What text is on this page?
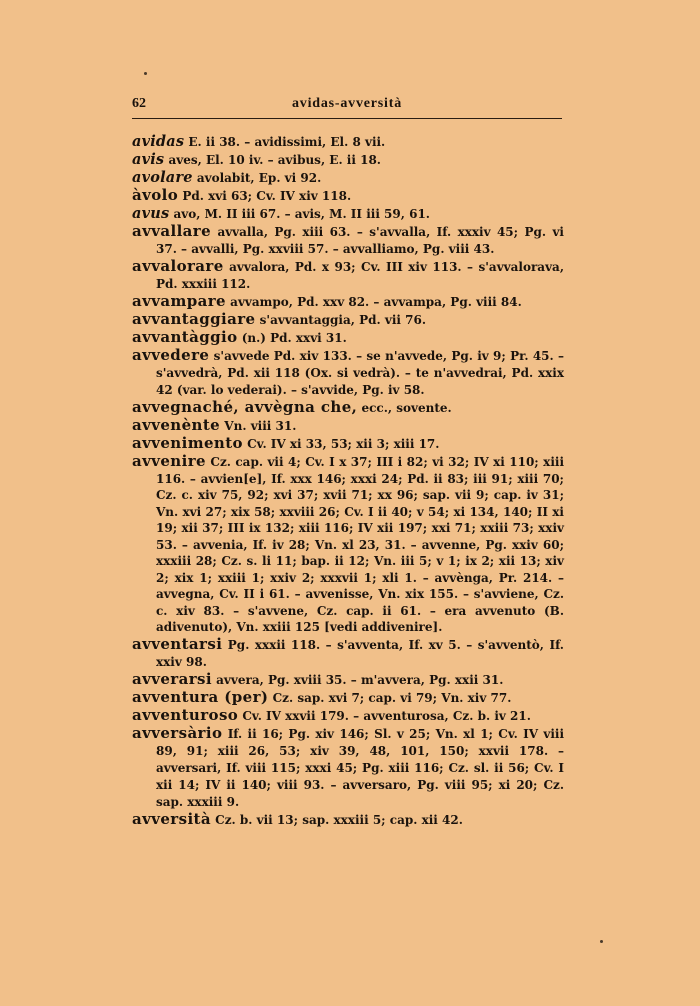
62	avidas-avversità

avidas E. ii 38. – avidissimi, El. 8 vii.

avis aves, El. 10 iv. – avibus, E. ii 18.

avolare avolabit, Ep. vi 92.

àvolo Pd. xvi 63; Cv. IV xiv 118.

avus avo, M. II iii 67. – avis, M. II iii 59, 61.

avvallare avvalla, Pg. xiii 63. – s'avvalla, If. xxxiv 45; Pg. vi 37. – avvalli, Pg. xxviii 57. – avvalliamo, Pg. viii 43.

avvalorare avvalora, Pd. x 93; Cv. III xiv 113. – s'avvalorava, Pd. xxxiii 112.

avvampare avvampo, Pd. xxv 82. – avvampa, Pg. viii 84.

avvantaggiare s'avvantaggia, Pd. vii 76.

avvantàggio (n.) Pd. xxvi 31.

avvedere s'avvede Pd. xiv 133. – se n'avvede, Pg. iv 9; Pr. 45. – s'avvedrà, Pd. xii 118 (Ox. si vedrà). – te n'avvedrai, Pd. xxix 42 (var. lo vederai). – s'avvide, Pg. iv 58.

avvegnaché, avvègna che, ecc., sovente.

avvenènte Vn. viii 31.

avvenimento Cv. IV xi 33, 53; xii 3; xiii 17.

avvenire Cz. cap. vii 4; Cv. I x 37; III i 82; vi 32; IV xi 110; xiii 116. – avvien[e], If. xxx 146; xxxi 24; Pd. ii 83; iii 91; xiii 70; Cz. c. xiv 75, 92; xvi 37; xvii 71; xx 96; sap. vii 9; cap. iv 31; Vn. xvi 27; xix 58; xxviii 26; Cv. I ii 40; v 54; xi 134, 140; II xi 19; xii 37; III ix 132; xiii 116; IV xii 197; xxi 71; xxiii 73; xxiv 53. – avvenia, If. iv 28; Vn. xl 23, 31. – avvenne, Pg. xxiv 60; xxxiii 28; Cz. s. li 11; bap. ii 12; Vn. iii 5; v 1; ix 2; xii 13; xiv 2; xix 1; xxiii 1; xxiv 2; xxxvii 1; xli 1. – avvènga, Pr. 214. – avvegna, Cv. II i 61. – avvenisse, Vn. xix 155. – s'avviene, Cz. c. xiv 83. – s'avvene, Cz. cap. ii 61. – era avvenuto (B. adivenuto), Vn. xxiii 125 [vedi addivenire].

avventarsi Pg. xxxii 118. – s'avventa, If. xv 5. – s'avventò, If. xxiv 98.

avverarsi avvera, Pg. xviii 35. – m'avvera, Pg. xxii 31.

avventura (per) Cz. sap. xvi 7; cap. vi 79; Vn. xiv 77.

avventuroso Cv. IV xxvii 179. – avventurosa, Cz. b. iv 21.

avversàrio If. ii 16; Pg. xiv 146; Sl. v 25; Vn. xl 1; Cv. IV viii 89, 91; xiii 26, 53; xiv 39, 48, 101, 150; xxvii 178. – avversari, If. viii 115; xxxi 45; Pg. xiii 116; Cz. sl. ii 56; Cv. I xii 14; IV ii 140; viii 93. – avversaro, Pg. viii 95; xi 20; Cz. sap. xxxiii 9.

avversità Cz. b. vii 13; sap. xxxiii 5; cap. xii 42.
